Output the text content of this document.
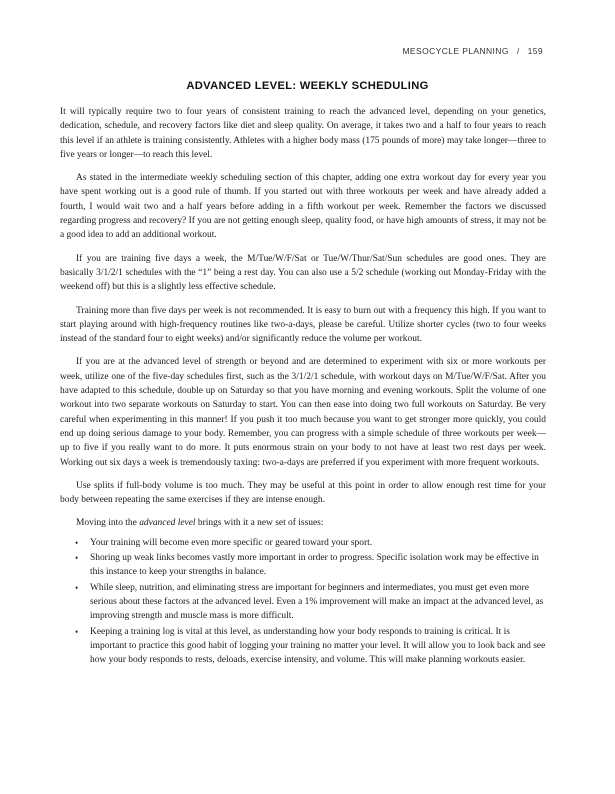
MESOCYCLE PLANNING / 159
ADVANCED LEVEL: WEEKLY SCHEDULING

It will typically require two to four years of consistent training to reach the advanced level, depending on your genetics, dedication, schedule, and recovery factors like diet and sleep quality. On average, it takes two and a half to four years to reach this level if an athlete is training consistently. Athletes with a higher body mass (175 pounds of more) may take longer—three to five years or longer—to reach this level.

As stated in the intermediate weekly scheduling section of this chapter, adding one extra workout day for every year you have spent working out is a good rule of thumb. If you started out with three workouts per week and have already added a fourth, I would wait two and a half years before adding in a fifth workout per week. Remember the factors we discussed regarding progress and recovery? If you are not getting enough sleep, quality food, or have high amounts of stress, it may not be a good idea to add an additional workout.

If you are training five days a week, the M/Tue/W/F/Sat or Tue/W/Thur/Sat/Sun schedules are good ones. They are basically 3/1/2/1 schedules with the “1” being a rest day. You can also use a 5/2 schedule (working out Monday-Friday with the weekend off) but this is a slightly less effective schedule.

Training more than five days per week is not recommended. It is easy to burn out with a frequency this high. If you want to start playing around with high-frequency routines like two-a-days, please be careful. Utilize shorter cycles (two to four weeks instead of the standard four to eight weeks) and/or significantly reduce the volume per workout.

If you are at the advanced level of strength or beyond and are determined to experiment with six or more workouts per week, utilize one of the five-day schedules first, such as the 3/1/2/1 schedule, with workout days on M/Tue/W/F/Sat. After you have adapted to this schedule, double up on Saturday so that you have morning and evening workouts. Split the volume of one workout into two separate workouts on Saturday to start. You can then ease into doing two full workouts on Saturday. Be very careful when experimenting in this manner! If you push it too much because you want to get stronger more quickly, you could end up doing serious damage to your body. Remember, you can progress with a simple schedule of three workouts per week—up to five if you really want to do more. It puts enormous strain on your body to not have at least two rest days per week. Working out six days a week is tremendously taxing: two-a-days are preferred if you experiment with more frequent workouts.

Use splits if full-body volume is too much. They may be useful at this point in order to allow enough rest time for your body between repeating the same exercises if they are intense enough.

Moving into the advanced level brings with it a new set of issues:

• Your training will become even more specific or geared toward your sport.
• Shoring up weak links becomes vastly more important in order to progress. Specific isolation work may be effective in this instance to keep your strengths in balance.
• While sleep, nutrition, and eliminating stress are important for beginners and intermediates, you must get even more serious about these factors at the advanced level. Even a 1% improvement will make an impact at the advanced level, as improving strength and muscle mass is more difficult.
• Keeping a training log is vital at this level, as understanding how your body responds to training is critical. It is important to practice this good habit of logging your training no matter your level. It will allow you to look back and see how your body responds to rests, deloads, exercise intensity, and volume. This will make planning workouts easier.
